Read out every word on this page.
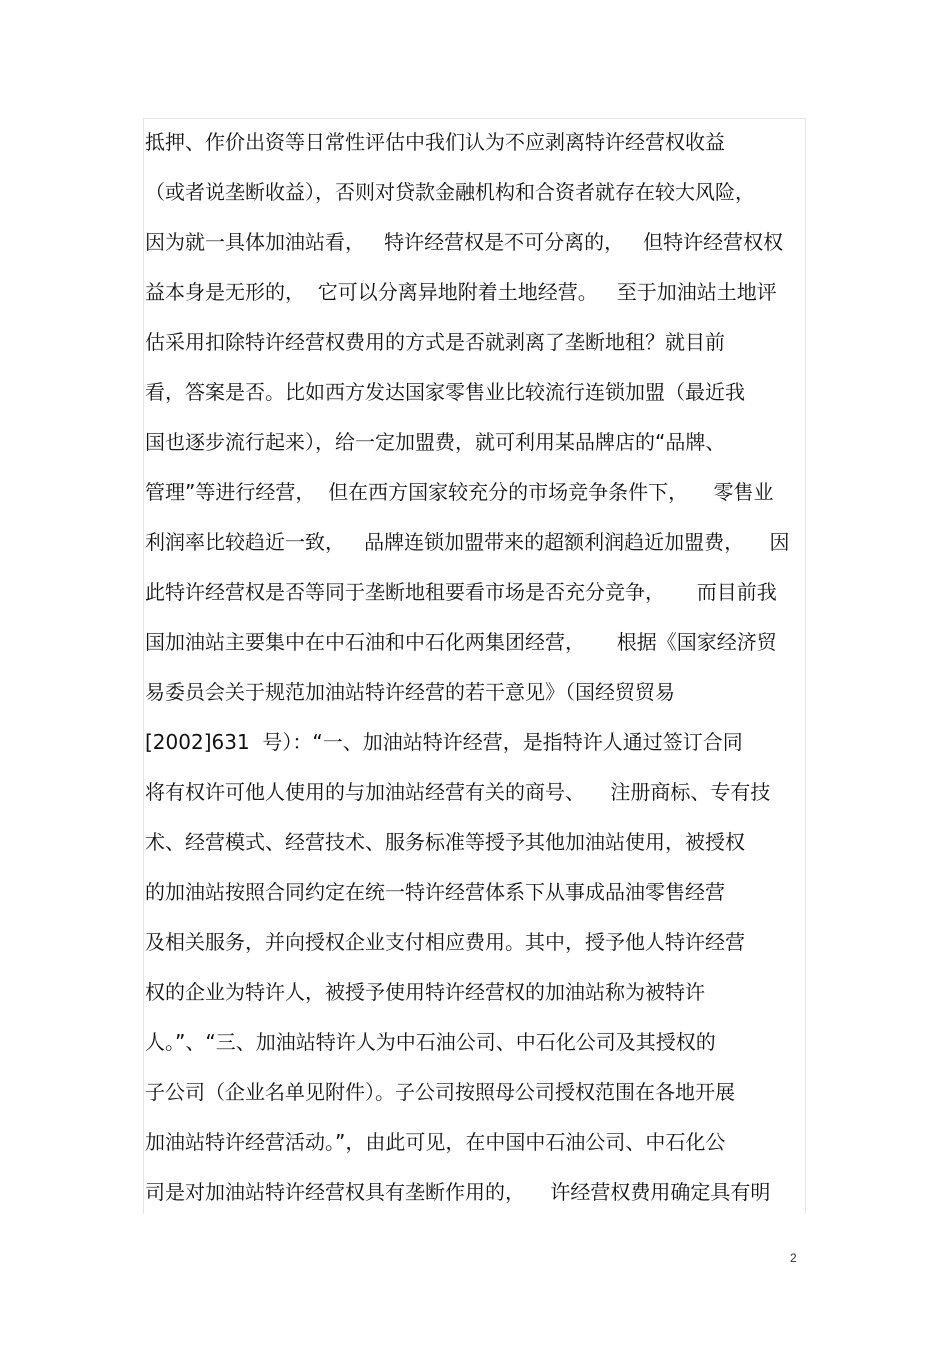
抵押、作价出资等日常性评估中我们认为不应剥离特许经营权收益
（或者说垄断收益），否则对贷款金融机构和合资者就存在较大风险，
因为就一具体加油站看，   特许经营权是不可分离的，   但特许经营权权
益本身是无形的，  它可以分离异地附着土地经营。   至于加油站土地评
估采用扣除特许经营权费用的方式是否就剥离了垄断地租？就目前
看，答案是否。比如西方发达国家零售业比较流行连锁加盟（最近我
国也逐步流行起来），给一定加盟费，就可利用某品牌店的“品牌、
管理”等进行经营，  但在西方国家较充分的市场竞争条件下，    零售业
利润率比较趋近一致，   品牌连锁加盟带来的超额利润趋近加盟费，    因
此特许经营权是否等同于垄断地租要看市场是否充分竞争，     而目前我
国加油站主要集中在中石油和中石化两集团经营，     根据《国家经济贸
易委员会关于规范加油站特许经营的若干意见》（国经贸贸易
[2002]631  号）：“一、加油站特许经营，是指特许人通过签订合同
将有权许可他人使用的与加油站经营有关的商号、    注册商标、专有技
术、经营模式、经营技术、服务标准等授予其他加油站使用，被授权
的加油站按照合同约定在统一特许经营体系下从事成品油零售经营
及相关服务，并向授权企业支付相应费用。其中，授予他人特许经营
权的企业为特许人，被授予使用特许经营权的加油站称为被特许
人。”、“三、加油站特许人为中石油公司、中石化公司及其授权的
子公司（企业名单见附件）。子公司按照母公司授权范围在各地开展
加油站特许经营活动。”，由此可见，在中国中石油公司、中石化公
司是对加油站特许经营权具有垄断作用的，    许经营权费用确定具有明
2
